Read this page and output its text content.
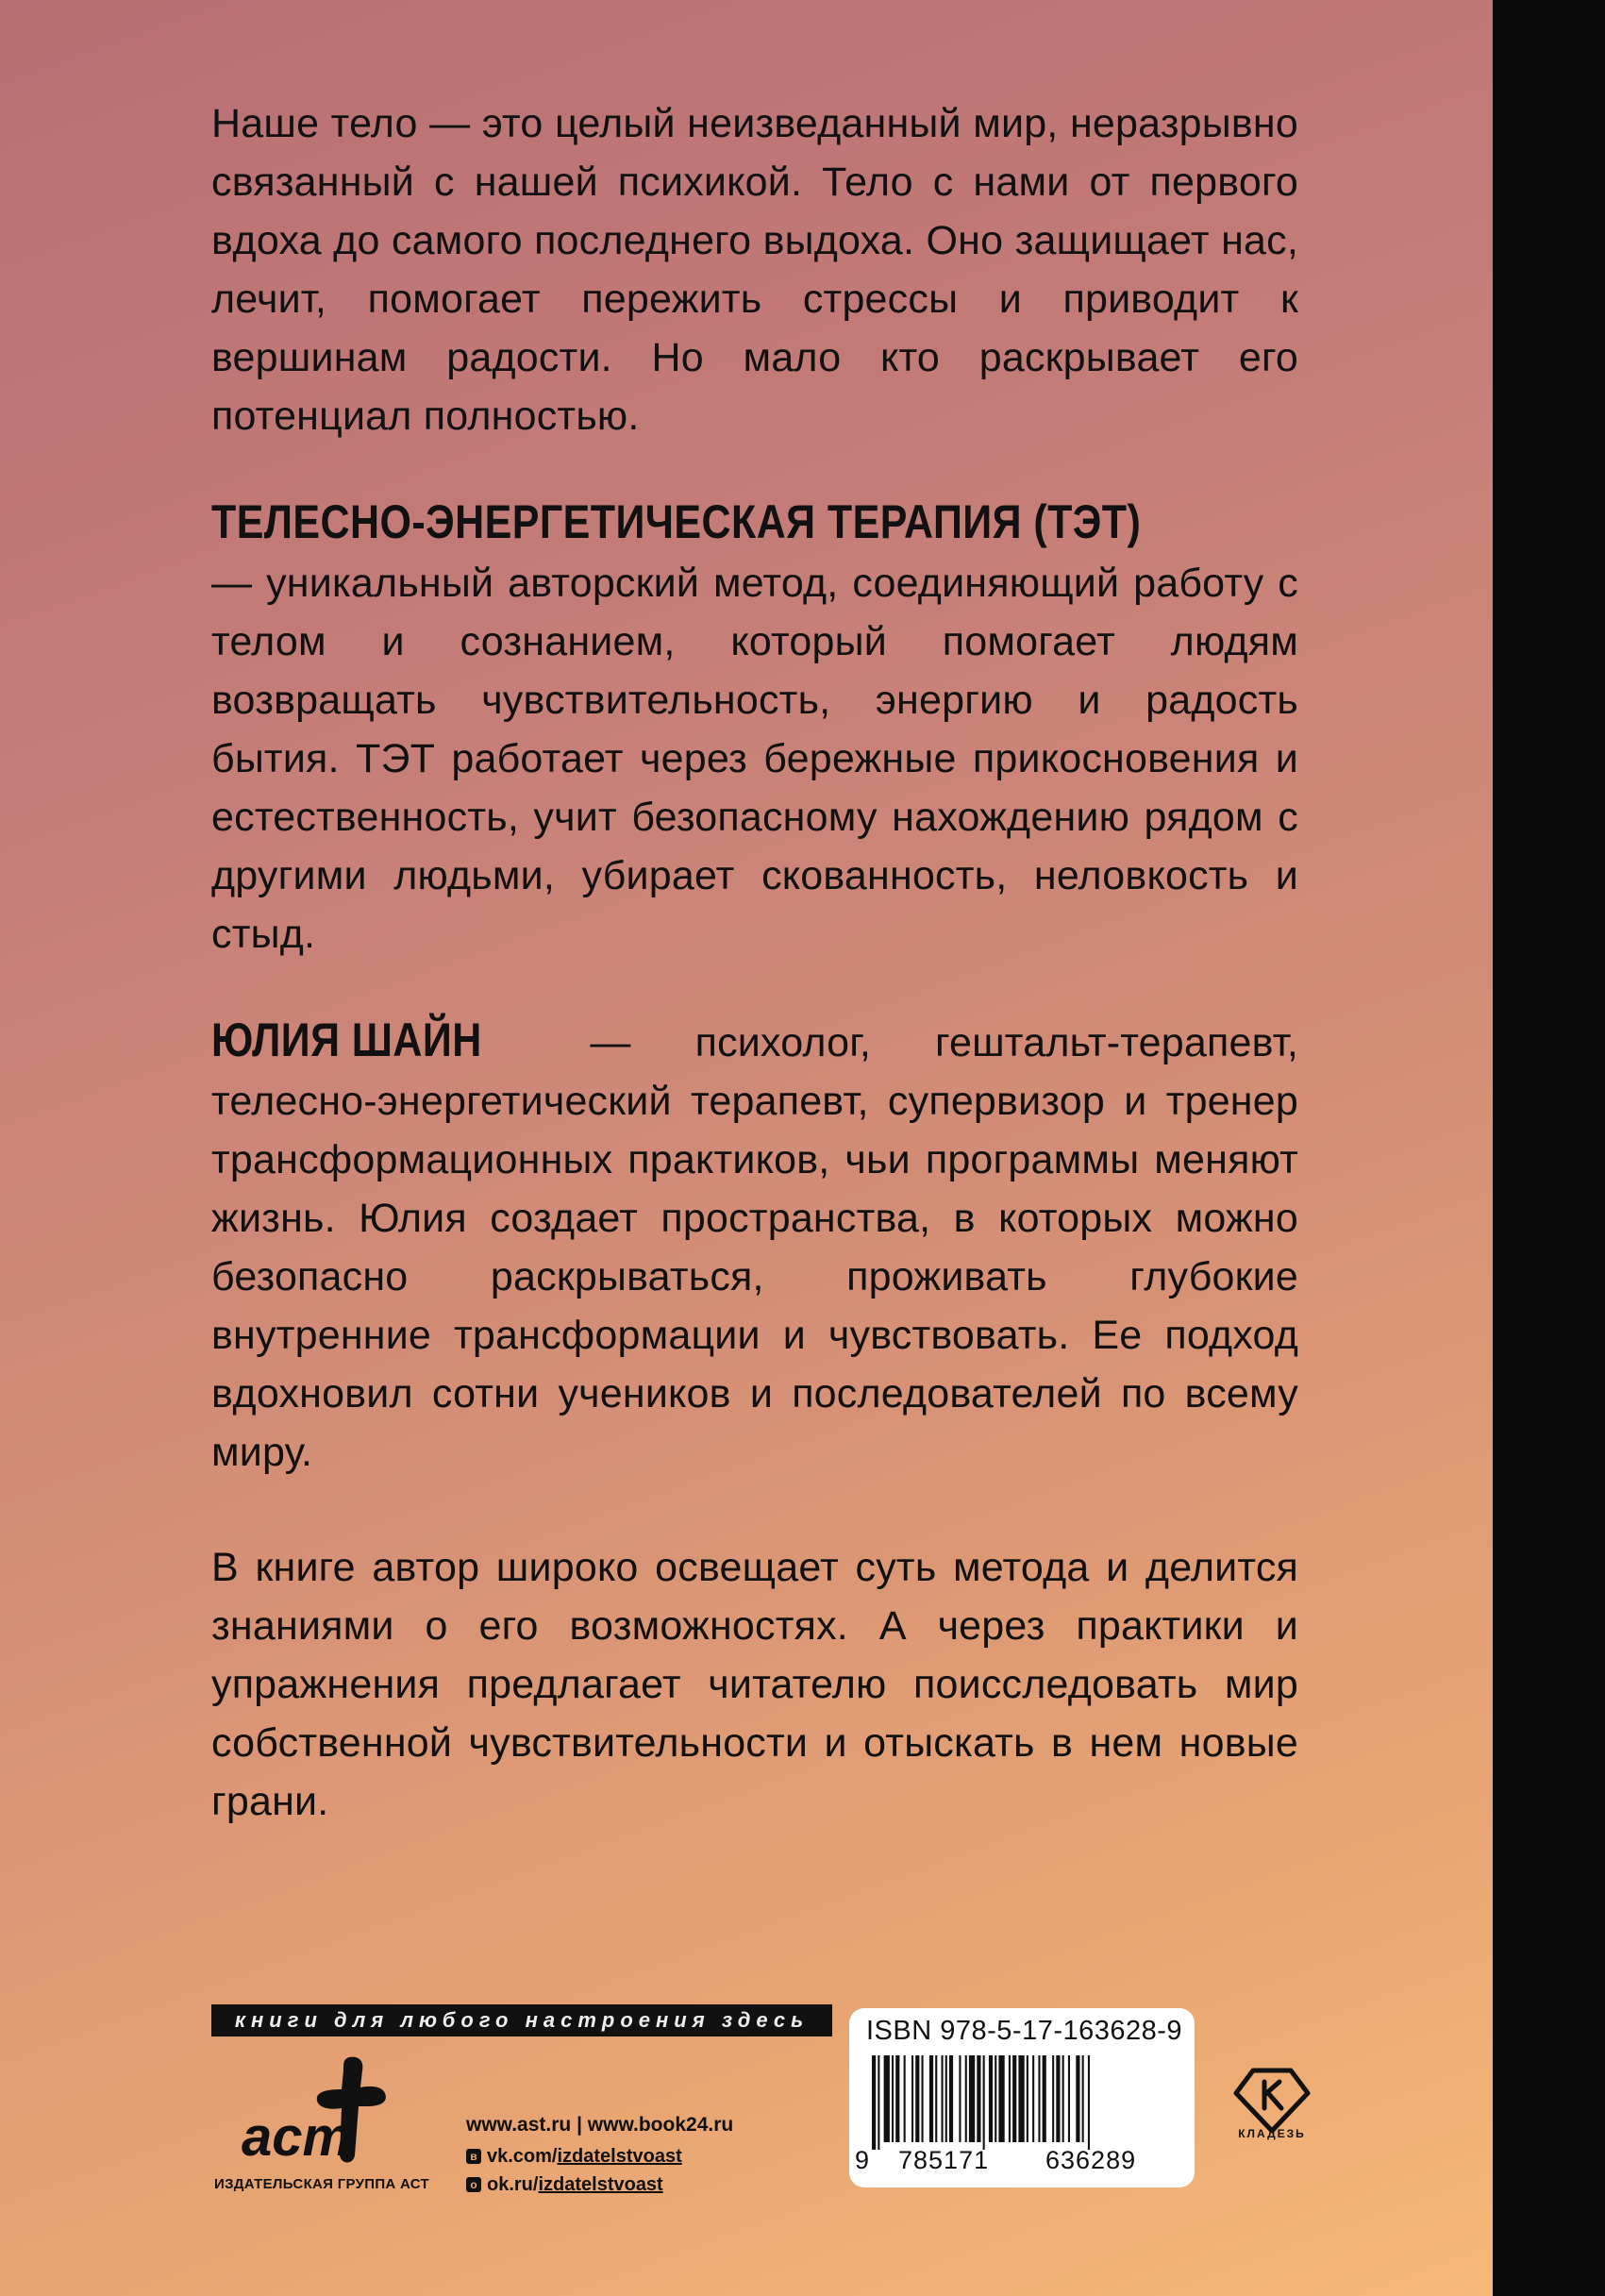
Наше тело — это целый неизведанный мир, неразрывно связанный с нашей психикой. Тело с нами от первого вдоха до самого последнего выдоха. Оно защищает нас, лечит, помогает пережить стрессы и приводит к вершинам радости. Но мало кто раскрывает его потенциал полностью.

ТЕЛЕСНО-ЭНЕРГЕТИЧЕСКАЯ ТЕРАПИЯ (ТЭТ) — уникальный авторский метод, соединяющий работу с телом и сознанием, который помогает людям возвращать чувствительность, энергию и радость бытия. ТЭТ работает через бережные прикосновения и естественность, учит безопасному нахождению рядом с другими людьми, убирает скованность, неловкость и стыд.

ЮЛИЯ ШАЙН — психолог, гештальт-терапевт, телесно-энергетический терапевт, супервизор и тренер трансформационных практиков, чьи программы меняют жизнь. Юлия создает пространства, в которых можно безопасно раскрываться, проживать глубокие внутренние трансформации и чувствовать. Ее подход вдохновил сотни учеников и последователей по всему миру.

В книге автор широко освещает суть метода и делится знаниями о его возможностях. А через практики и упражнения предлагает читателю поисследовать мир собственной чувствительности и отыскать в нем новые грани.

книги для любого настроения здесь
аст
ИЗДАТЕЛЬСКАЯ ГРУППА АСТ
www.ast.ru | www.book24.ru
в vk.com/ izdatelstvoast
о ok.ru/ izdatelstvoast
ISBN 978-5-17-163628-9
9 785171 636289
КЛАДЕЗЬ
